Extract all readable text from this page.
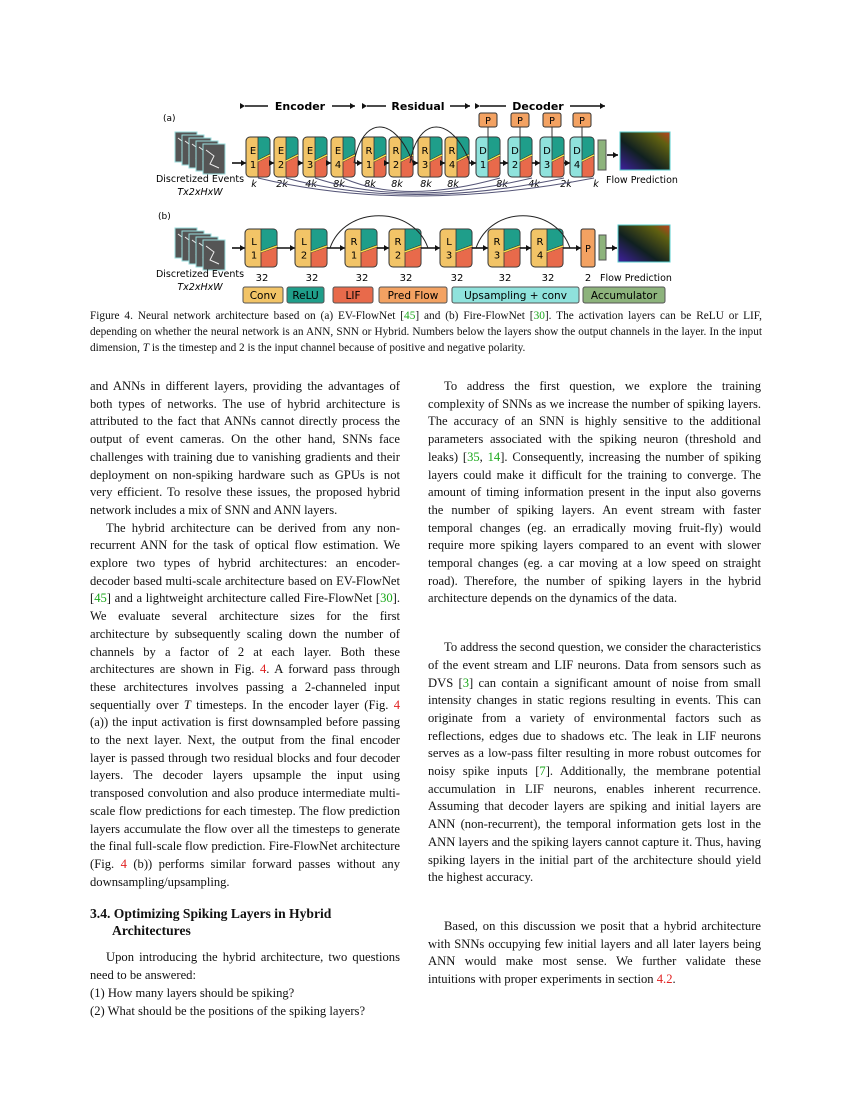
(a)
Encoder	Residual	Decoder
Discretized Events
Tx2xHxW
E
1
k
E
2
2k
E
3
4k
E
4
8k
R
1
8k
R
2
8k
R
3
8k
R
4
8k
D
1
8k
P
D
2
4k
P
D
3
2k
P
D
4
k
P
Flow Prediction
(b)
Discretized Events
Tx2xHxW
L
1
32
L
2
32
R
1
32
R
2
32
L
3
32
R
3
32
R
4
32
P
2 Flow Prediction
Conv ReLU	LIF	Pred Flow Upsampling + conv Accumulator
Figure 4. Neural network architecture based on (a) EV-FlowNet [45] and (b) Fire-FlowNet [30]. The activation layers can be ReLU or LIF, depending on whether the neural network is an ANN, SNN or Hybrid. Numbers below the layers show the output channels in the layer. In the input dimension, T is the timestep and 2 is the input channel because of positive and negative polarity.

and ANNs in different layers, providing the advantages of both types of networks. The use of hybrid architecture is attributed to the fact that ANNs cannot directly process the output of event cameras. On the other hand, SNNs face challenges with training due to vanishing gradients and their deployment on non-spiking hardware such as GPUs is not very efficient. To resolve these issues, the proposed hybrid network includes a mix of SNN and ANN layers.

The hybrid architecture can be derived from any non-recurrent ANN for the task of optical flow estimation. We explore two types of hybrid architectures: an encoder-decoder based multi-scale architecture based on EV-FlowNet [45] and a lightweight architecture called Fire-FlowNet [30]. We evaluate several architecture sizes for the first architecture by subsequently scaling down the number of channels by a factor of 2 at each layer. Both these architectures are shown in Fig. 4. A forward pass through these architectures involves passing a 2-channeled input sequentially over T timesteps. In the encoder layer (Fig. 4 (a)) the input activation is first downsampled before passing to the next layer. Next, the output from the final encoder layer is passed through two residual blocks and four decoder layers. The decoder layers upsample the input using transposed convolution and also produce intermediate multi-scale flow predictions for each timestep. The flow prediction layers accumulate the flow over all the timesteps to generate the final full-scale flow prediction. Fire-FlowNet architecture (Fig. 4 (b)) performs similar forward passes without any downsampling/upsampling.

3.4. Optimizing Spiking Layers in Hybrid Architectures

Upon introducing the hybrid architecture, two questions need to be answered:

(1) How many layers should be spiking?

(2) What should be the positions of the spiking layers?

To address the first question, we explore the training complexity of SNNs as we increase the number of spiking layers. The accuracy of an SNN is highly sensitive to the additional parameters associated with the spiking neuron (threshold and leaks) [35, 14]. Consequently, increasing the number of spiking layers could make it difficult for the training to converge. The amount of timing information present in the input also governs the number of spiking layers. An event stream with faster temporal changes (eg. an erradically moving fruit-fly) would require more spiking layers compared to an event with slower temporal changes (eg. a car moving at a low speed on straight road). Therefore, the number of spiking layers in the hybrid architecture depends on the dynamics of the data.

To address the second question, we consider the characteristics of the event stream and LIF neurons. Data from sensors such as DVS [3] can contain a significant amount of noise from small intensity changes in static regions resulting in events. This can originate from a variety of environmental factors such as reflections, edges due to shadows etc. The leak in LIF neurons serves as a low-pass filter resulting in more robust outcomes for noisy spike inputs [7]. Additionally, the membrane potential accumulation in LIF neurons, enables inherent recurrence. Assuming that decoder layers are spiking and initial layers are ANN (non-recurrent), the temporal information gets lost in the ANN layers and the spiking layers cannot capture it. Thus, having spiking layers in the initial part of the architecture should yield the highest accuracy.

Based, on this discussion we posit that a hybrid architecture with SNNs occupying few initial layers and all later layers being ANN would make most sense. We further validate these intuitions with proper experiments in section 4.2.
